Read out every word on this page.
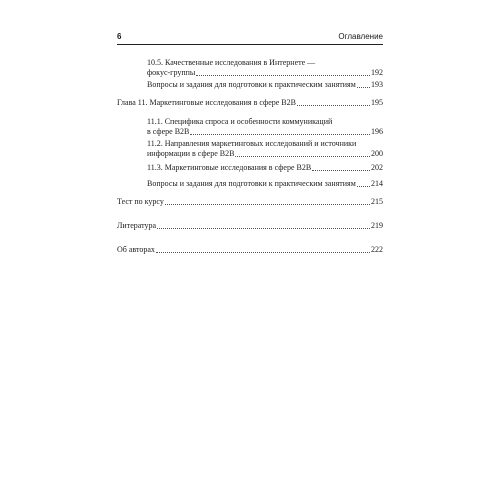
6	Оглавление
10.5. Качественные исследования в Интернете —
фокус-группы	192
Вопросы и задания для подготовки к практическим занятиям 193
Глава 11. Маркетинговые исследования в сфере B2B	195
11.1. Специфика спроса и особенности коммуникаций
в сфере B2B	196
11.2. Направления маркетинговых исследований и источники
информации в сфере B2B	200
11.3. Маркетинговые исследования в сфере B2B	202
Вопросы и задания для подготовки к практическим занятиям 214
Тест по курсу	215
Литература	219
Об авторах	222
